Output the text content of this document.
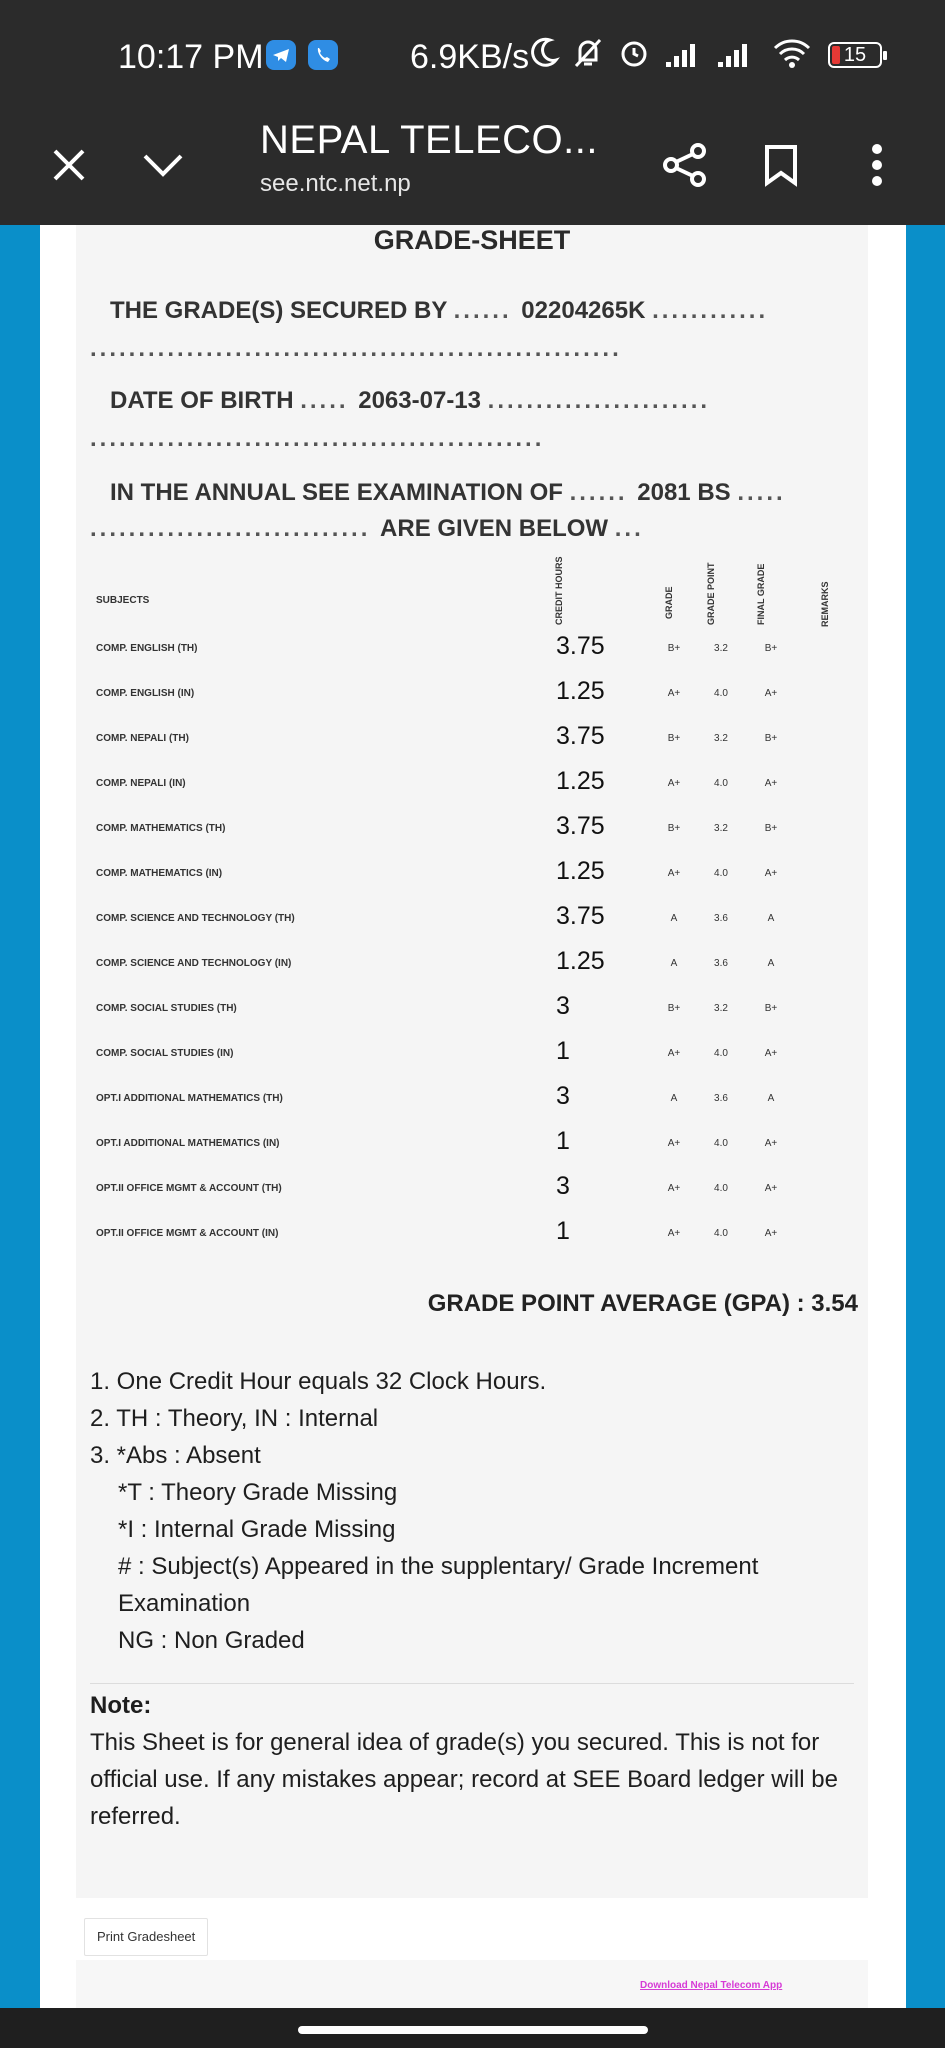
10:17 PM	6.9KB/s	15
NEPAL TELECO...
see.ntc.net.np
GRADE-SHEET
THE GRADE(S) SECURED BY ...... 02204265K ............
.......................................................
DATE OF BIRTH ..... 2063-07-13 .......................
...............................................
IN THE ANNUAL SEE EXAMINATION OF ...... 2081 BS .....
............................. ARE GIVEN BELOW ...
SUBJECTS	CREDIT HOURS	GRADE	GRADE POINT	FINAL GRADE	REMARKS
COMP. ENGLISH (TH)	3.75	B+	3.2	B+
COMP. ENGLISH (IN)	1.25	A+	4.0	A+
COMP. NEPALI (TH)	3.75	B+	3.2	B+
COMP. NEPALI (IN)	1.25	A+	4.0	A+
COMP. MATHEMATICS (TH)	3.75	B+	3.2	B+
COMP. MATHEMATICS (IN)	1.25	A+	4.0	A+
COMP. SCIENCE AND TECHNOLOGY (TH)	3.75	A	3.6	A
COMP. SCIENCE AND TECHNOLOGY (IN)	1.25	A	3.6	A
COMP. SOCIAL STUDIES (TH)	3	B+	3.2	B+
COMP. SOCIAL STUDIES (IN)	1	A+	4.0	A+
OPT.I ADDITIONAL MATHEMATICS (TH)	3	A	3.6	A
OPT.I ADDITIONAL MATHEMATICS (IN)	1	A+	4.0	A+
OPT.II OFFICE MGMT & ACCOUNT (TH)	3	A+	4.0	A+
OPT.II OFFICE MGMT & ACCOUNT (IN)	1	A+	4.0	A+
GRADE POINT AVERAGE (GPA) : 3.54
1. One Credit Hour equals 32 Clock Hours.
2. TH : Theory, IN : Internal
3. *Abs : Absent
*T : Theory Grade Missing
*I : Internal Grade Missing
# : Subject(s) Appeared in the supplentary/ Grade Increment Examination
NG : Non Graded
Note:
This Sheet is for general idea of grade(s) you secured. This is not for official use. If any mistakes appear; record at SEE Board ledger will be referred.
Print Gradesheet
Download Nepal Telecom App
